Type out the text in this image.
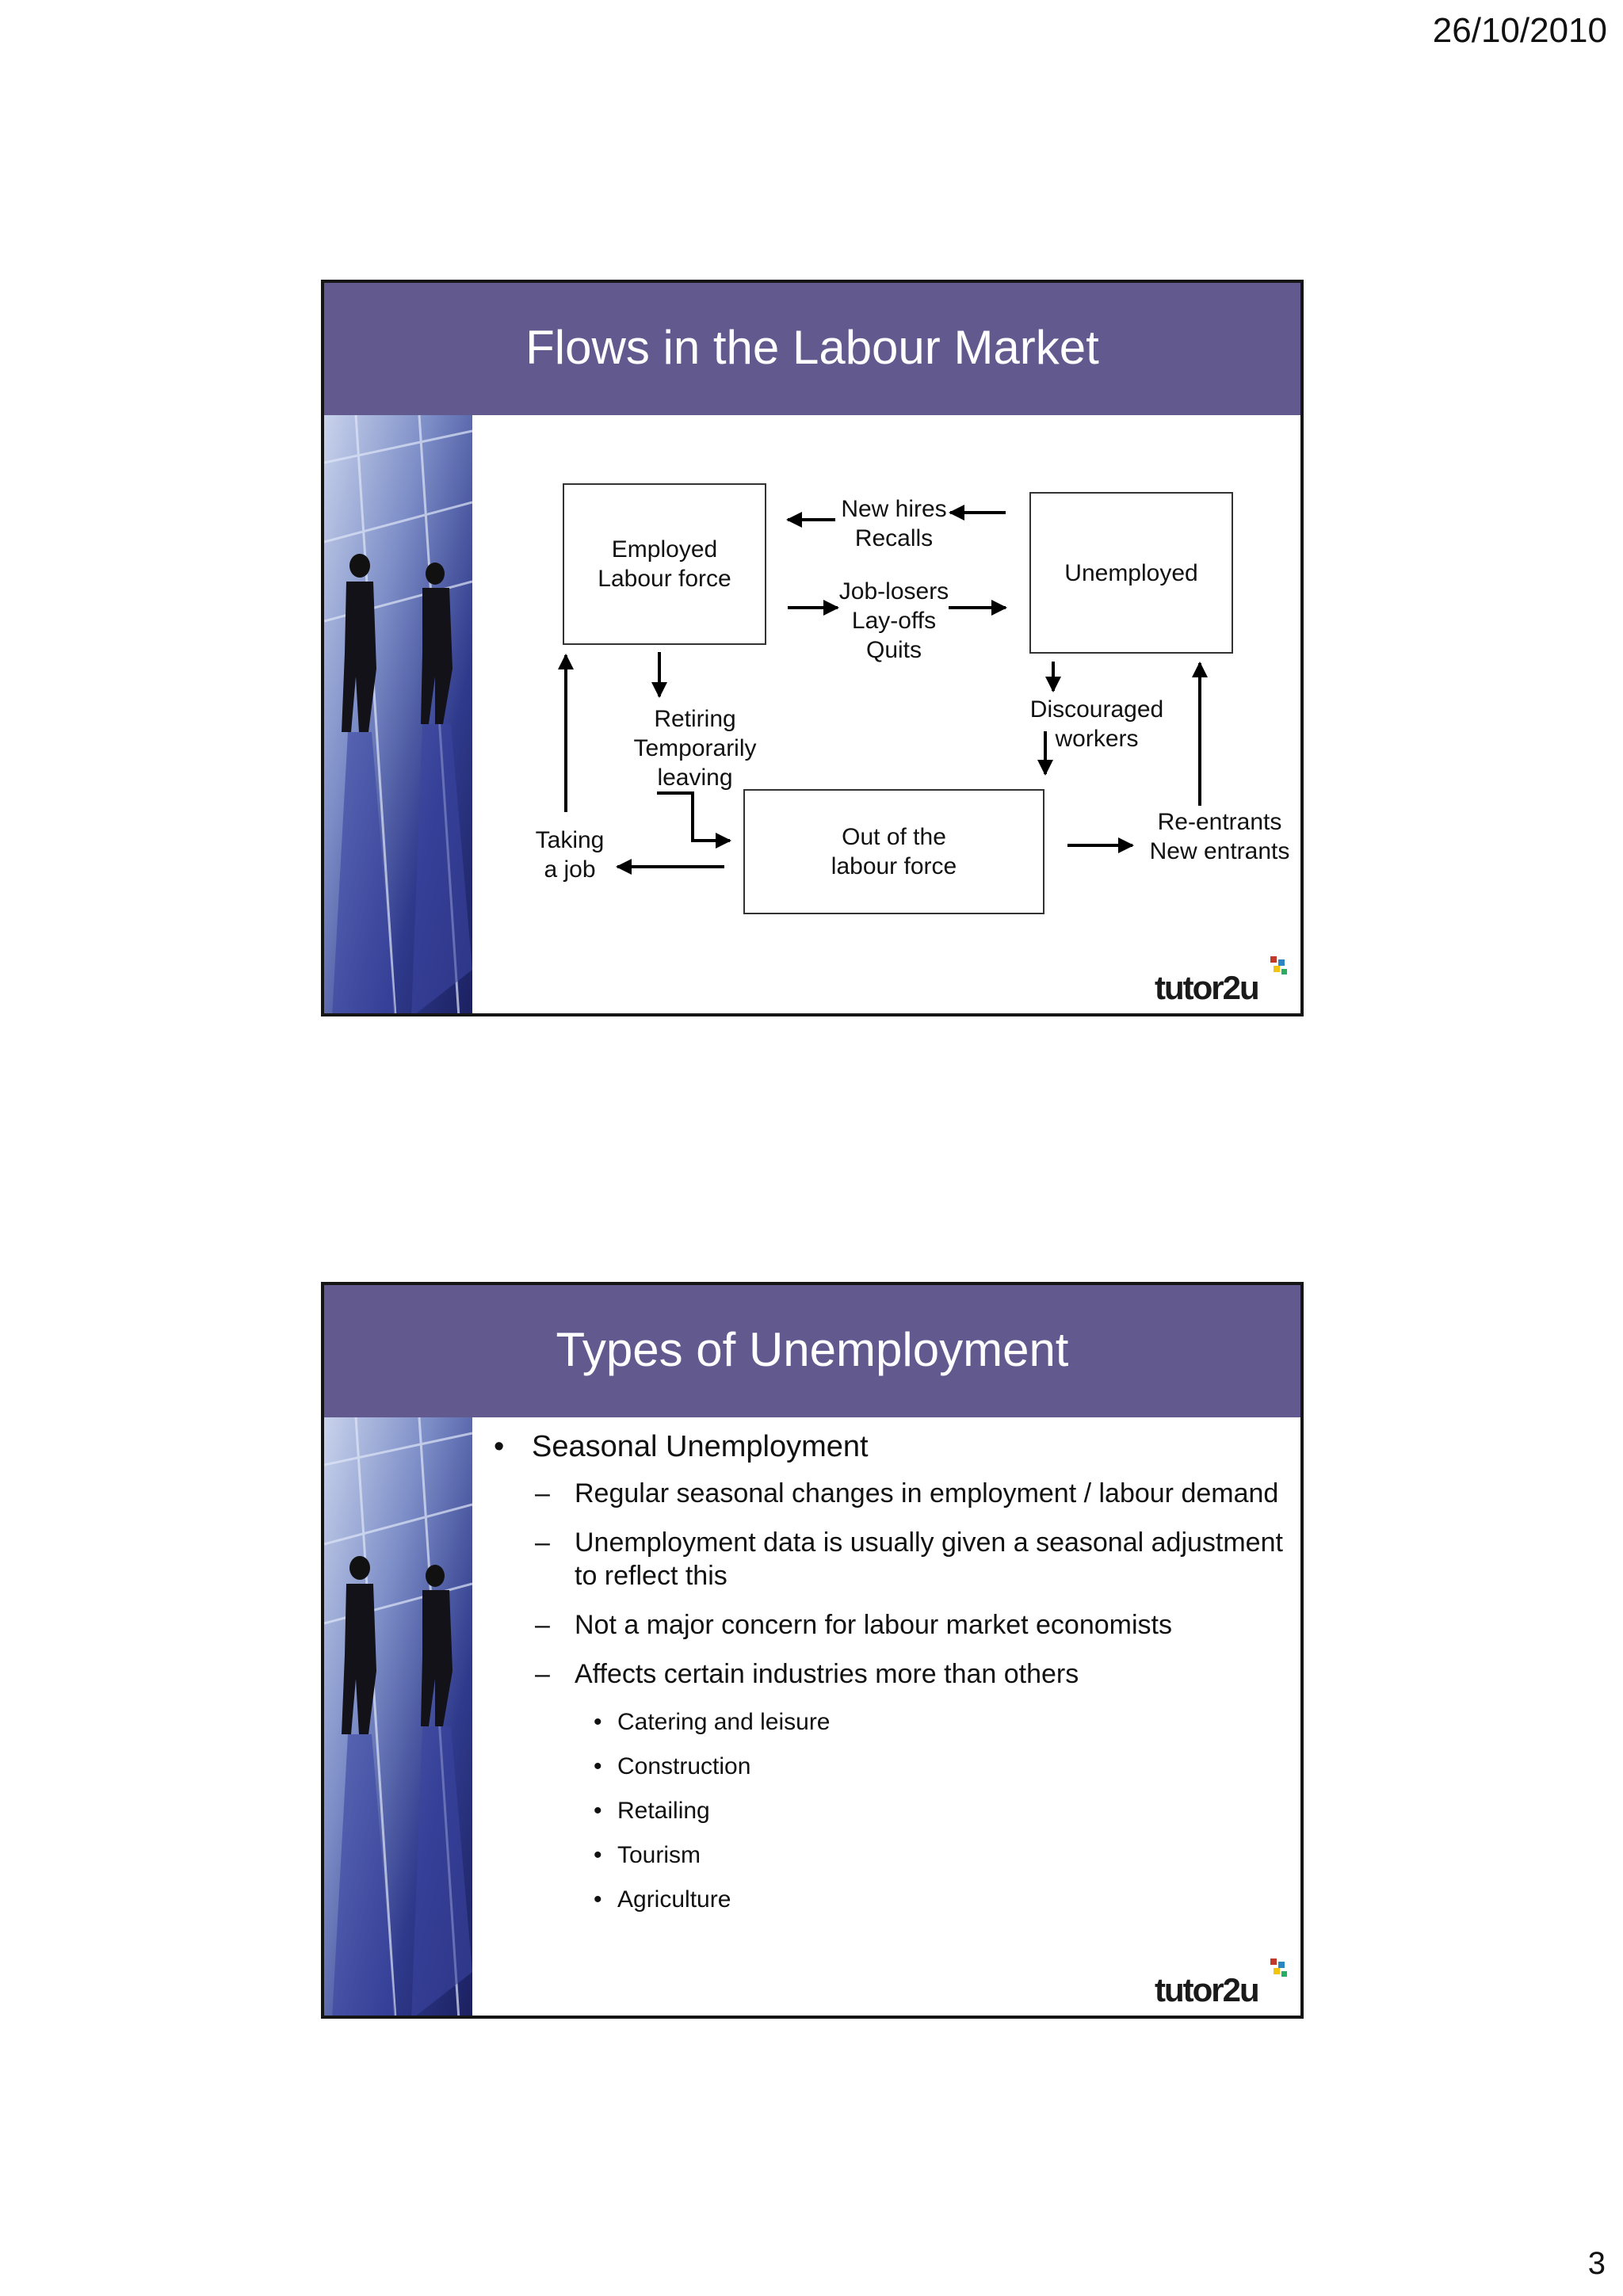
26/10/2010
Flows in the Labour Market
Employed
Labour force	Unemployed
Out of the
labour force
New hires
Recalls
Job-losers
Lay-offs
Quits
Retiring
Temporarily
leaving
Discouraged
workers
Taking
a job
Re-entrants
New entrants
tutor2u
Types of Unemployment
• Seasonal Unemployment
– Regular seasonal changes in employment / labour demand
– Unemployment data is usually given a seasonal adjustment to reflect this
– Not a major concern for labour market economists
– Affects certain industries more than others
• Catering and leisure
• Construction
• Retailing
• Tourism
• Agriculture
tutor2u
3
